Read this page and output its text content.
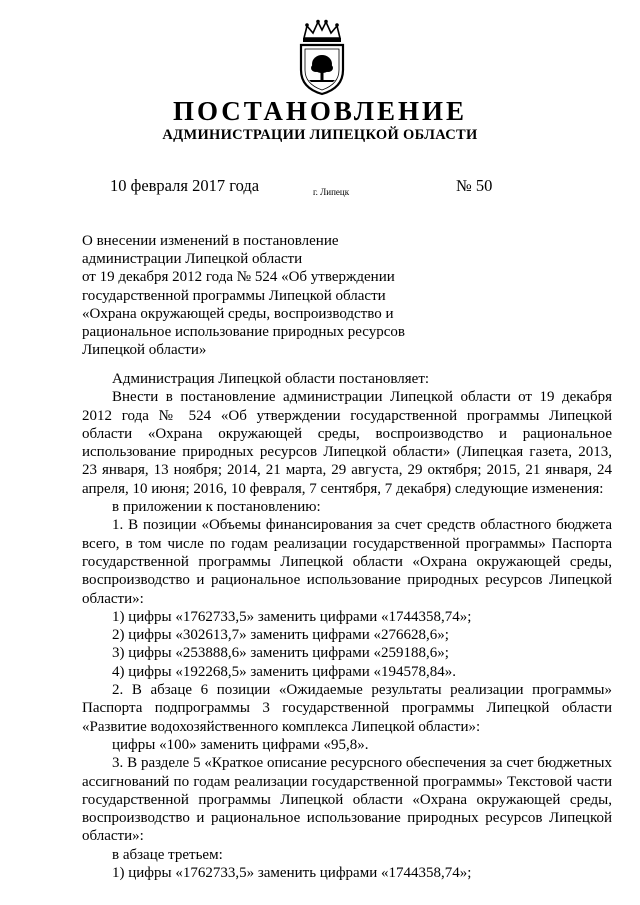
ПОСТАНОВЛЕНИЕ
АДМИНИСТРАЦИИ ЛИПЕЦКОЙ ОБЛАСТИ
10 февраля 2017 года	г. Липецк	№ 50
О внесении изменений в постановление
администрации Липецкой области
от 19 декабря 2012 года № 524 «Об утверждении
государственной программы Липецкой области
«Охрана окружающей среды, воспроизводство и
рациональное использование природных ресурсов
Липецкой области»

Администрация Липецкой области постановляет:

Внести в постановление администрации Липецкой области от 19 декабря 2012 года № 524 «Об утверждении государственной программы Липецкой области «Охрана окружающей среды, воспроизводство и рациональное использование природных ресурсов Липецкой области» (Липецкая газета, 2013, 23 января, 13 ноября; 2014, 21 марта, 29 августа, 29 октября; 2015, 21 января, 24 апреля, 10 июня; 2016, 10 февраля, 7 сентября, 7 декабря) следующие изменения:

в приложении к постановлению:

1. В позиции «Объемы финансирования за счет средств областного бюджета всего, в том числе по годам реализации государственной программы» Паспорта государственной программы Липецкой области «Охрана окружающей среды, воспроизводство и рациональное использование природных ресурсов Липецкой области»:

1) цифры «1762733,5» заменить цифрами «1744358,74»;

2) цифры «302613,7» заменить цифрами «276628,6»;

3) цифры «253888,6» заменить цифрами «259188,6»;

4) цифры «192268,5» заменить цифрами «194578,84».

2. В абзаце 6 позиции «Ожидаемые результаты реализации программы» Паспорта подпрограммы 3 государственной программы Липецкой области «Развитие водохозяйственного комплекса Липецкой области»:

цифры «100» заменить цифрами «95,8».

3. В разделе 5 «Краткое описание ресурсного обеспечения за счет бюджетных ассигнований по годам реализации государственной программы» Текстовой части государственной программы Липецкой области «Охрана окружающей среды, воспроизводство и рациональное использование природных ресурсов Липецкой области»:

в абзаце третьем:

1) цифры «1762733,5» заменить цифрами «1744358,74»;
